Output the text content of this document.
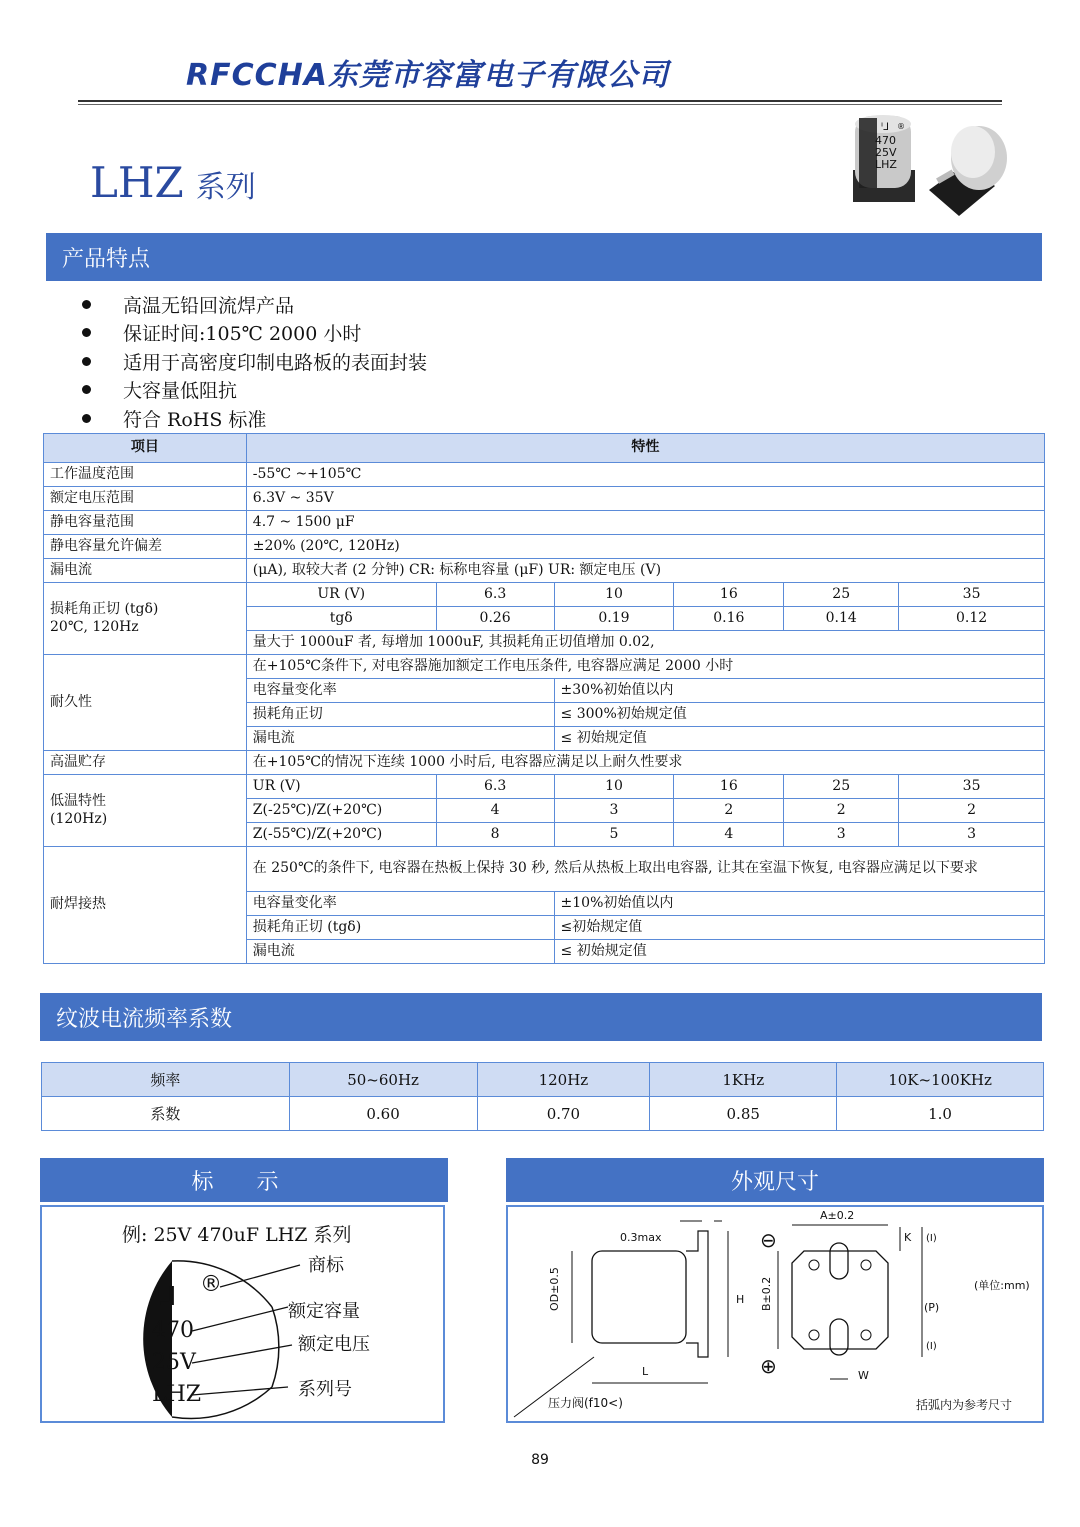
RFCCHA东莞市容富电子有限公司
LHZ 系列
ᑊᒧ ®
470
25V
LHZ
产品特点
高温无铅回流焊产品
保证时间:105℃ 2000 小时
适用于高密度印制电路板的表面封装
大容量低阻抗
符合 RoHS 标准
项目	特性					
工作温度范围	-55℃ ~+105℃					
额定电压范围	6.3V ~ 35V					
静电容量范围	4.7 ~ 1500 μF					
静电容量允许偏差	±20% (20℃, 120Hz)					
漏电流	(μA), 取较大者 (2 分钟) CR: 标称电容量 (μF) UR: 额定电压 (V)					
损耗角正切 (tgδ)
20℃, 120Hz	UR (V)	6.3	10	16	25	35
	tgδ	0.26	0.19	0.16	0.14	0.12
	量大于 1000uF 者, 每增加 1000uF, 其损耗角正切值增加 0.02,					
耐久性	在+105℃条件下, 对电容器施加额定工作电压条件, 电容器应满足 2000 小时					
	电容量变化率		±30%初始值以内			
	损耗角正切		≤ 300%初始规定值			
	漏电流		≤ 初始规定值			
高温贮存	在+105℃的情况下连续 1000 小时后, 电容器应满足以上耐久性要求					
低温特性
(120Hz)	UR (V)	6.3	10	16	25	35
	Z(-25℃)/Z(+20℃)	4	3	2	2	2
	Z(-55℃)/Z(+20℃)	8	5	4	3	3
耐焊接热	在 250℃的条件下, 电容器在热板上保持 30 秒, 然后从热板上取出电容器, 让其在室温下恢复, 电容器应满足以下要求					
	电容量变化率		±10%初始值以内			
	损耗角正切 (tgδ)		≤初始规定值			
	漏电流		≤ 初始规定值			
纹波电流频率系数
频率	50~60Hz	120Hz	1KHz	10K~100KHz
系数	0.60	0.70	0.85	1.0
标 示
例: 25V 470uF LHZ 系列
ᑊᒧ ®
470
25V
LHZ
商标
额定容量
额定电压
系列号
外观尺寸
0.3max
OD±0.5	H
L
压力阀(f10<)
A±0.2
B±0.2
⊖
⊕
K (I)
(P)
(I)
W
(单位:mm)
括弧内为参考尺寸
89
